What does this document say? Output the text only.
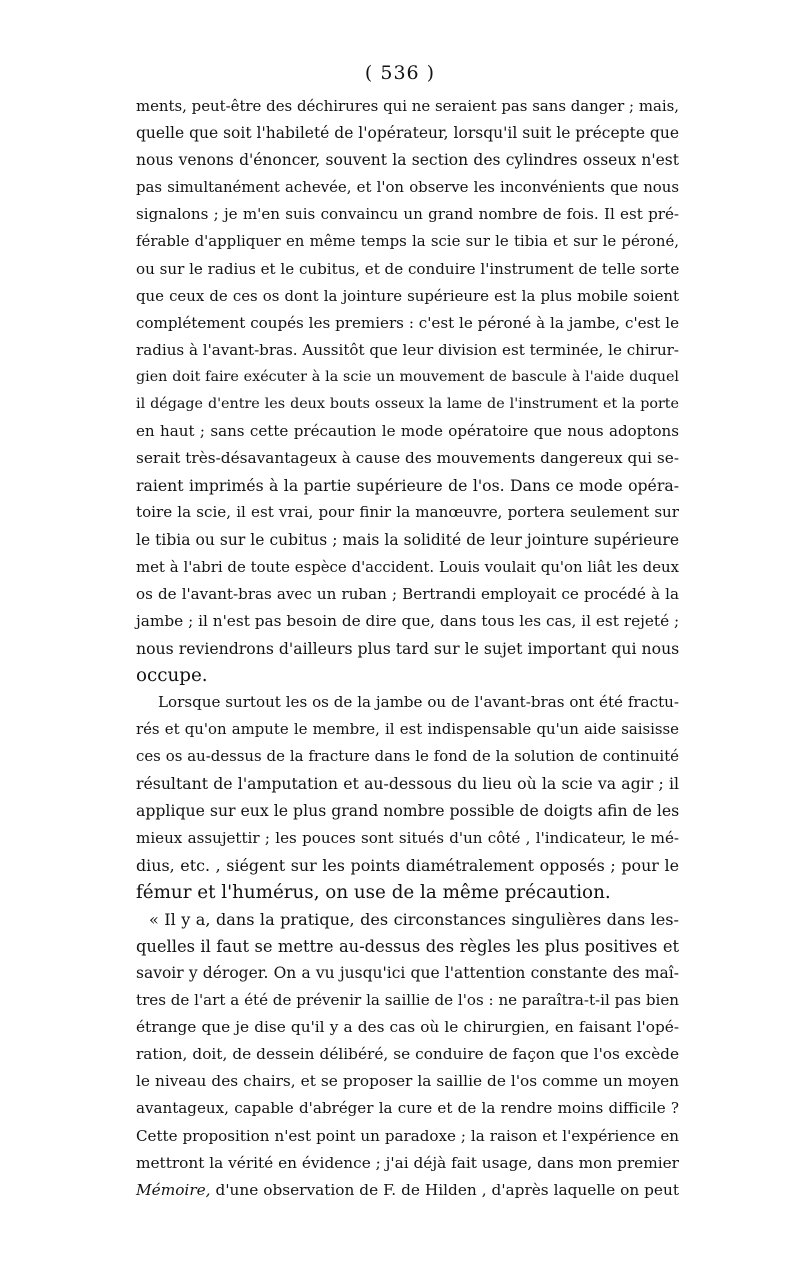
( 536 )
ments, peut-être des déchirures qui ne seraient pas sans danger ; mais,
quelle que soit l'habileté de l'opérateur, lorsqu'il suit le précepte que
nous venons d'énoncer, souvent la section des cylindres osseux n'est
pas simultanément achevée, et l'on observe les inconvénients que nous
signalons ; je m'en suis convaincu un grand nombre de fois. Il est pré-
férable d'appliquer en même temps la scie sur le tibia et sur le péroné,
ou sur le radius et le cubitus, et de conduire l'instrument de telle sorte
que ceux de ces os dont la jointure supérieure est la plus mobile soient
complétement coupés les premiers : c'est le péroné à la jambe, c'est le
radius à l'avant-bras. Aussitôt que leur division est terminée, le chirur-
gien doit faire exécuter à la scie un mouvement de bascule à l'aide duquel
il dégage d'entre les deux bouts osseux la lame de l'instrument et la porte
en haut ; sans cette précaution le mode opératoire que nous adoptons
serait très-désavantageux à cause des mouvements dangereux qui se-
raient imprimés à la partie supérieure de l'os. Dans ce mode opéra-
toire la scie, il est vrai, pour finir la manœuvre, portera seulement sur
le tibia ou sur le cubitus ; mais la solidité de leur jointure supérieure
met à l'abri de toute espèce d'accident. Louis voulait qu'on liât les deux
os de l'avant-bras avec un ruban ; Bertrandi employait ce procédé à la
jambe ; il n'est pas besoin de dire que, dans tous les cas, il est rejeté ;
nous reviendrons d'ailleurs plus tard sur le sujet important qui nous
occupe.
Lorsque surtout les os de la jambe ou de l'avant-bras ont été fractu-
rés et qu'on ampute le membre, il est indispensable qu'un aide saisisse
ces os au-dessus de la fracture dans le fond de la solution de continuité
résultant de l'amputation et au-dessous du lieu où la scie va agir ; il
applique sur eux le plus grand nombre possible de doigts afin de les
mieux assujettir ; les pouces sont situés d'un côté , l'indicateur, le mé-
dius, etc. , siégent sur les points diamétralement opposés ; pour le
fémur et l'humérus, on use de la même précaution.
« Il y a, dans la pratique, des circonstances singulières dans les-
quelles il faut se mettre au-dessus des règles les plus positives et
savoir y déroger. On a vu jusqu'ici que l'attention constante des maî-
tres de l'art a été de prévenir la saillie de l'os : ne paraîtra-t-il pas bien
étrange que je dise qu'il y a des cas où le chirurgien, en faisant l'opé-
ration, doit, de dessein délibéré, se conduire de façon que l'os excède
le niveau des chairs, et se proposer la saillie de l'os comme un moyen
avantageux, capable d'abréger la cure et de la rendre moins difficile ?
Cette proposition n'est point un paradoxe ; la raison et l'expérience en
mettront la vérité en évidence ; j'ai déjà fait usage, dans mon premier
Mémoire, d'une observation de F. de Hilden , d'après laquelle on peut
